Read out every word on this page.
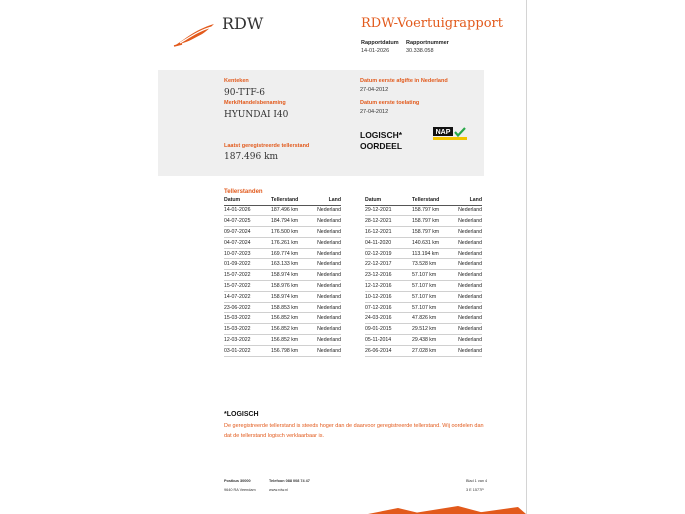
RDW	RDW-Voertuigrapport
Rapportdatum
14-01-2026
Rapportnummer
30.338.058
Kenteken
90-TTF-6
Merk/Handelsbenaming
HYUNDAI I40
Laatst geregistreerde tellerstand
187.496 km
Datum eerste afgifte in Nederland
27-04-2012
Datum eerste toelating
27-04-2012
LOGISCH*
OORDEEL
NAP
Tellerstanden
Datum	Tellerstand	Land
14-01-2026	187.496 km	Nederland
04-07-2025	184.794 km	Nederland
09-07-2024	176.500 km	Nederland
04-07-2024	176.261 km	Nederland
10-07-2023	169.774 km	Nederland
01-09-2022	163.133 km	Nederland
15-07-2022	158.974 km	Nederland
15-07-2022	158.976 km	Nederland
14-07-2022	158.974 km	Nederland
23-06-2022	158.853 km	Nederland
15-03-2022	156.852 km	Nederland
15-03-2022	156.852 km	Nederland
12-03-2022	156.852 km	Nederland
03-01-2022	156.798 km	Nederland
Datum	Tellerstand	Land
29-12-2021	158.797 km	Nederland
28-12-2021	158.797 km	Nederland
16-12-2021	158.797 km	Nederland
04-11-2020	140.631 km	Nederland
02-12-2019	113.194 km	Nederland
22-12-2017	73.528 km	Nederland
23-12-2016	57.107 km	Nederland
12-12-2016	57.107 km	Nederland
10-12-2016	57.107 km	Nederland
07-12-2016	57.107 km	Nederland
24-03-2016	47.826 km	Nederland
09-01-2015	29.512 km	Nederland
05-11-2014	29.438 km	Nederland
26-06-2014	27.028 km	Nederland
*LOGISCH
De geregistreerde tellerstand is steeds hoger dan de daarvoor geregistreerde tellerstand. Wij oordelen dan dat de tellerstand logisch verklaarbaar is.
Postbus 30000
9640 RA Veendam
Telefoon 088 008 74 47
www.rdw.nl
Blad 1 van 4
3 E 1577P
